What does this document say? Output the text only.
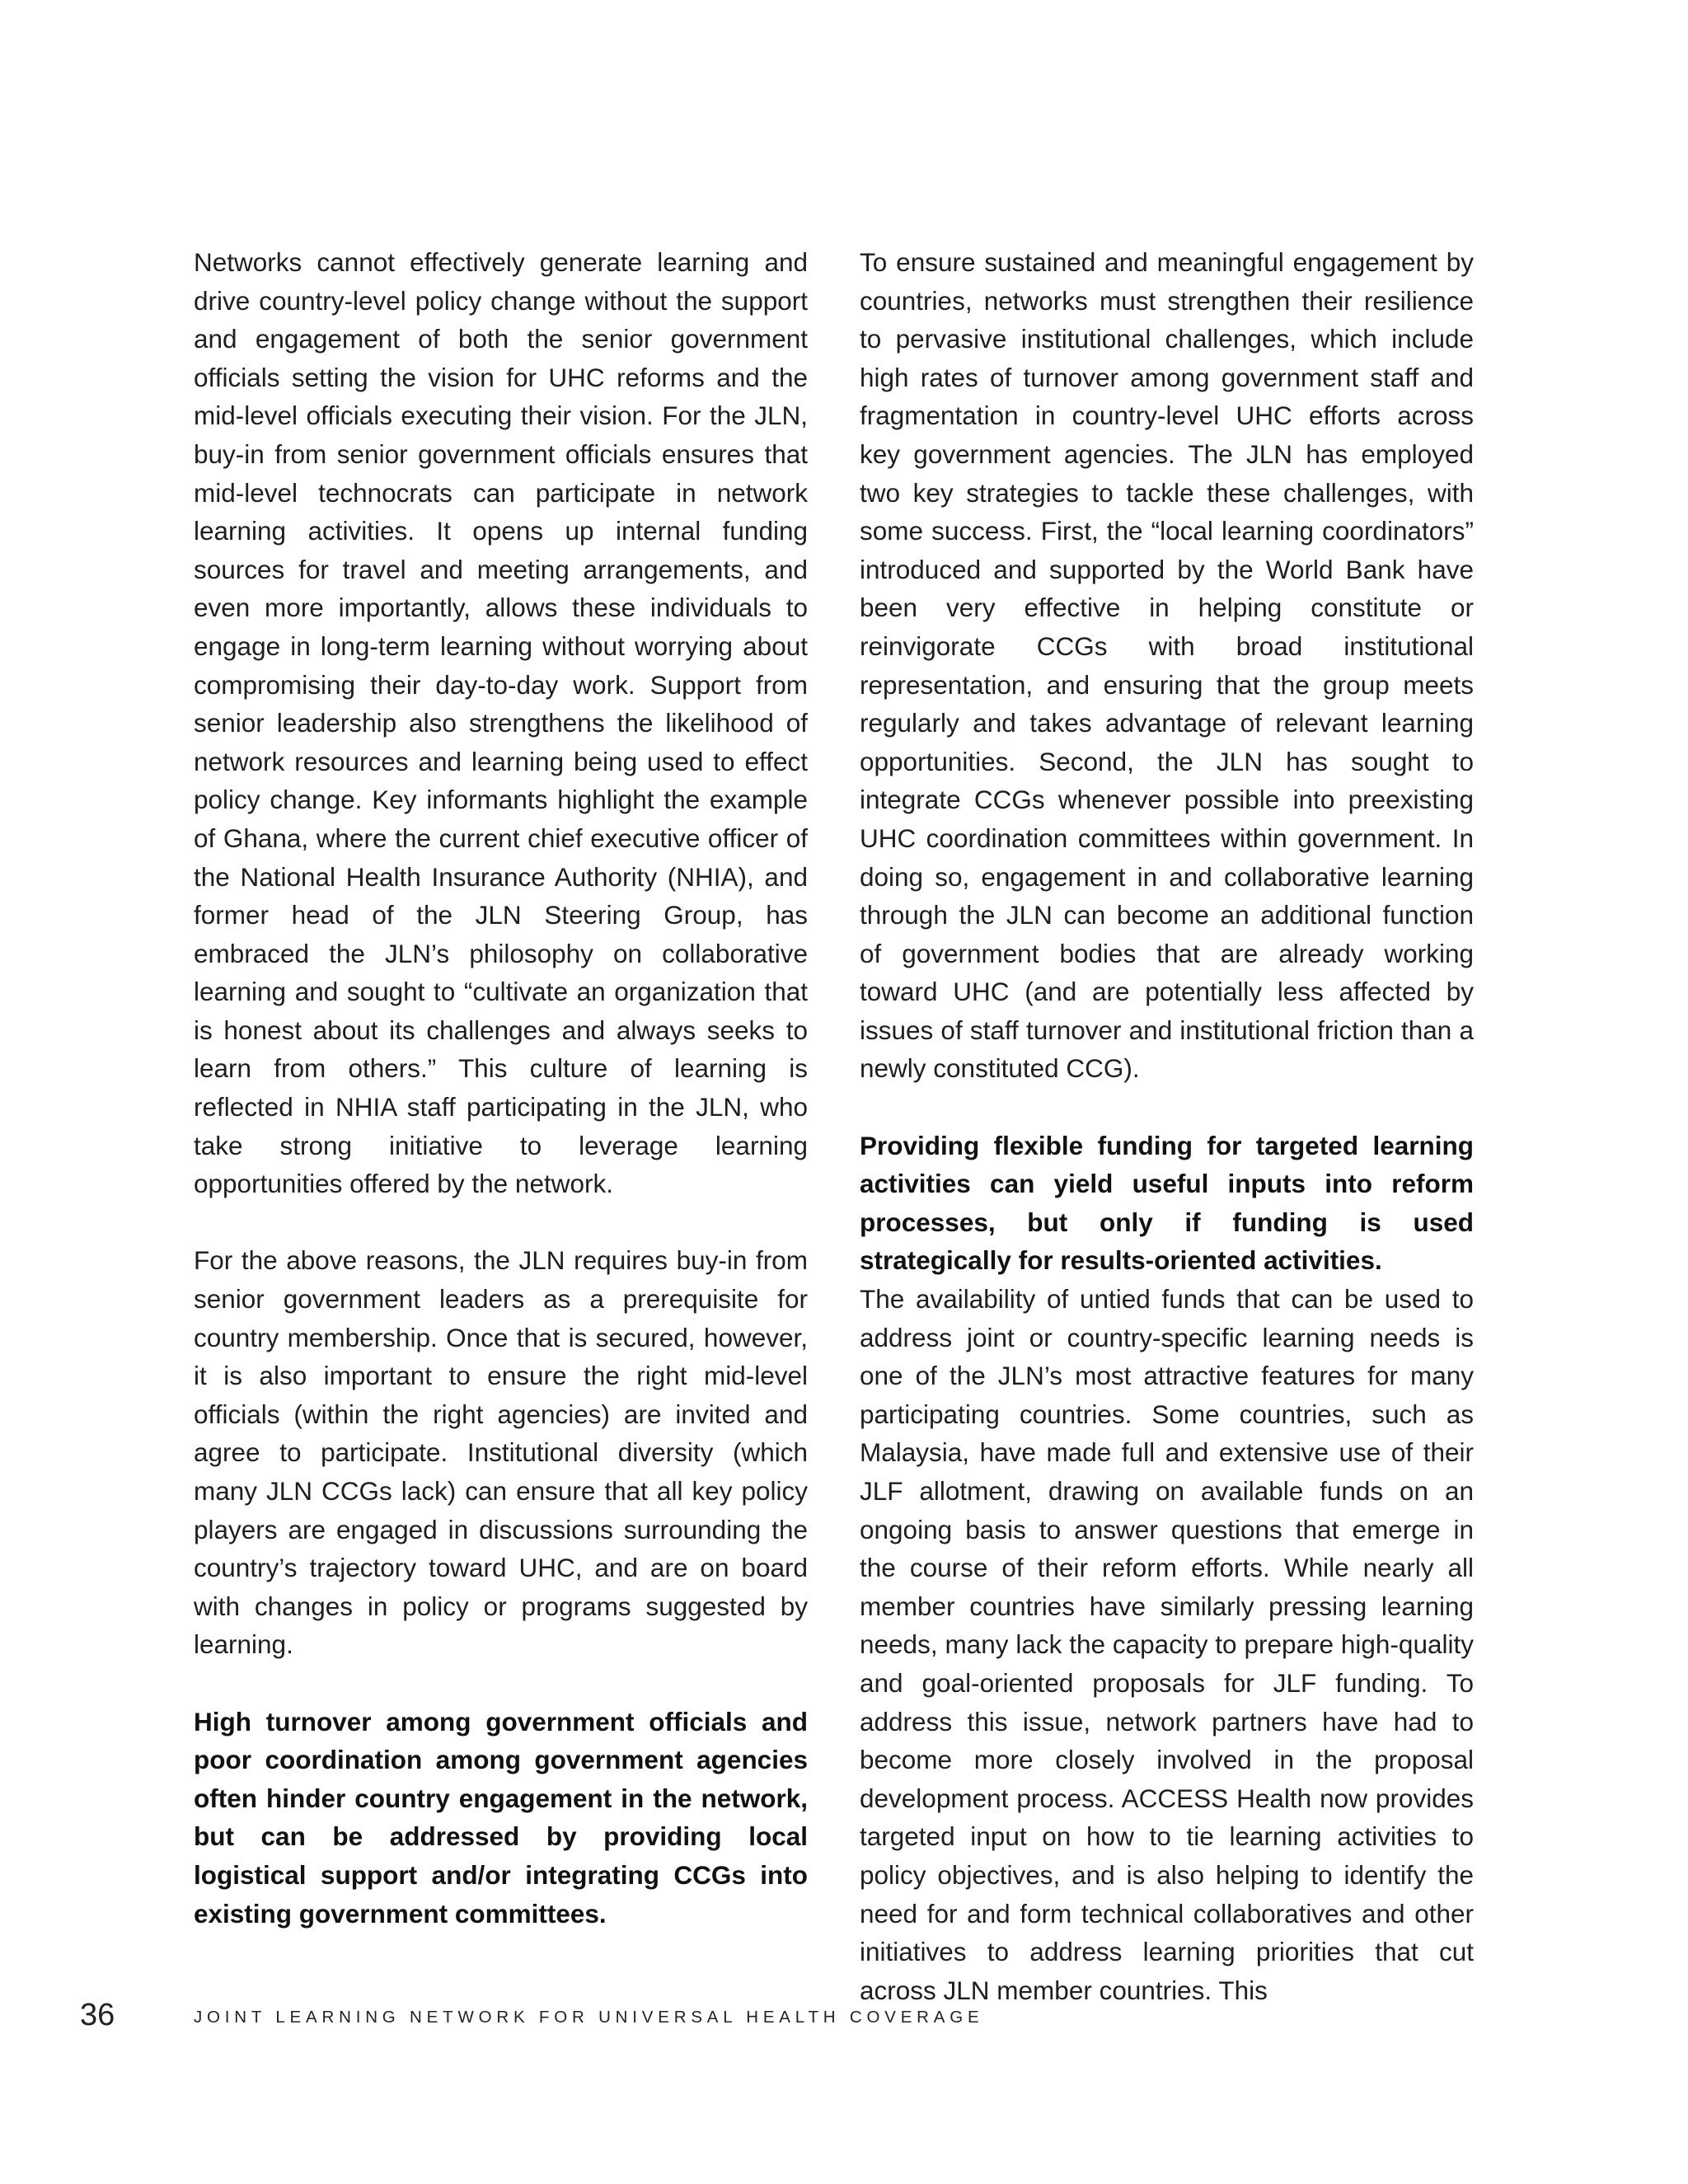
Networks cannot effectively generate learning and drive country-level policy change without the support and engagement of both the senior government officials setting the vision for UHC reforms and the mid-level officials executing their vision. For the JLN, buy-in from senior government officials ensures that mid-level technocrats can participate in network learning activities. It opens up internal funding sources for travel and meeting arrangements, and even more importantly, allows these individuals to engage in long-term learning without worrying about compromising their day-to-day work. Support from senior leadership also strengthens the likelihood of network resources and learning being used to effect policy change. Key informants highlight the example of Ghana, where the current chief executive officer of the National Health Insurance Authority (NHIA), and former head of the JLN Steering Group, has embraced the JLN’s philosophy on collaborative learning and sought to “cultivate an organization that is honest about its challenges and always seeks to learn from others.” This culture of learning is reflected in NHIA staff participating in the JLN, who take strong initiative to leverage learning opportunities offered by the network.

For the above reasons, the JLN requires buy-in from senior government leaders as a prerequisite for country membership. Once that is secured, however, it is also important to ensure the right mid-level officials (within the right agencies) are invited and agree to participate. Institutional diversity (which many JLN CCGs lack) can ensure that all key policy players are engaged in discussions surrounding the country’s trajectory toward UHC, and are on board with changes in policy or programs suggested by learning.

High turnover among government officials and poor coordination among government agencies often hinder country engagement in the network, but can be addressed by providing local logistical support and/or integrating CCGs into existing government committees.

To ensure sustained and meaningful engagement by countries, networks must strengthen their resilience to pervasive institutional challenges, which include high rates of turnover among government staff and fragmentation in country-level UHC efforts across key government agencies. The JLN has employed two key strategies to tackle these challenges, with some success. First, the “local learning coordinators” introduced and supported by the World Bank have been very effective in helping constitute or reinvigorate CCGs with broad institutional representation, and ensuring that the group meets regularly and takes advantage of relevant learning opportunities. Second, the JLN has sought to integrate CCGs whenever possible into preexisting UHC coordination committees within government. In doing so, engagement in and collaborative learning through the JLN can become an additional function of government bodies that are already working toward UHC (and are potentially less affected by issues of staff turnover and institutional friction than a newly constituted CCG).

Providing flexible funding for targeted learning activities can yield useful inputs into reform processes, but only if funding is used strategically for results-oriented activities.

The availability of untied funds that can be used to address joint or country-specific learning needs is one of the JLN’s most attractive features for many participating countries. Some countries, such as Malaysia, have made full and extensive use of their JLF allotment, drawing on available funds on an ongoing basis to answer questions that emerge in the course of their reform efforts. While nearly all member countries have similarly pressing learning needs, many lack the capacity to prepare high-quality and goal-oriented proposals for JLF funding. To address this issue, network partners have had to become more closely involved in the proposal development process. ACCESS Health now provides targeted input on how to tie learning activities to policy objectives, and is also helping to identify the need for and form technical collaboratives and other initiatives to address learning priorities that cut across JLN member countries. This

36	JOINT LEARNING NETWORK FOR UNIVERSAL HEALTH COVERAGE
